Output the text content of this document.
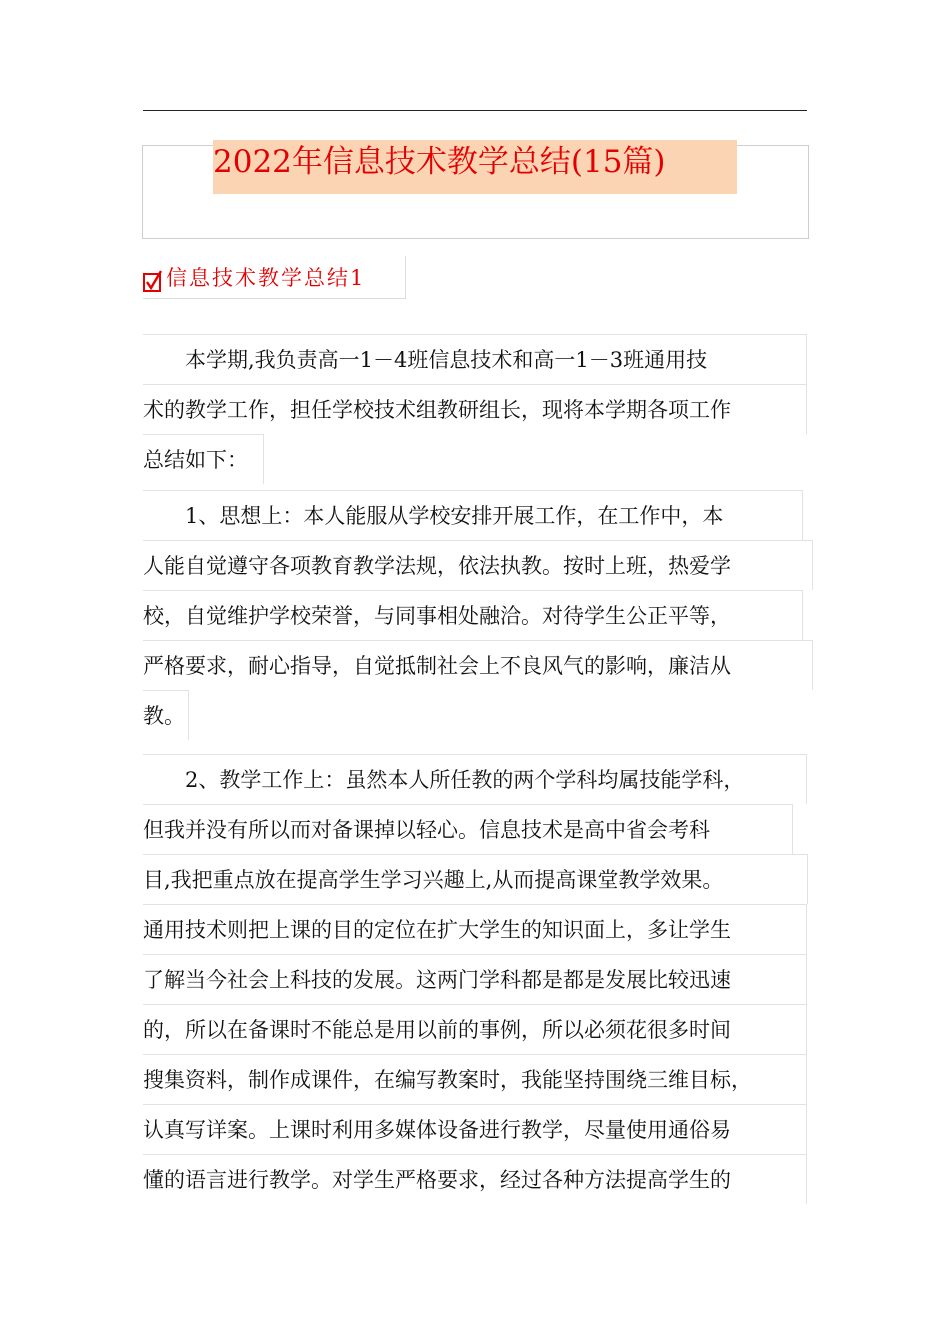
2022年信息技术教学总结(15篇)
信息技术教学总结1
　　本学期,我负责高一1－4班信息技术和高一1－3班通用技
术的教学工作，担任学校技术组教研组长，现将本学期各项工作
总结如下：
　　1、思想上：本人能服从学校安排开展工作，在工作中，本
人能自觉遵守各项教育教学法规，依法执教。按时上班，热爱学
校，自觉维护学校荣誉，与同事相处融洽。对待学生公正平等，
严格要求，耐心指导，自觉抵制社会上不良风气的影响，廉洁从
教。
　　2、教学工作上：虽然本人所任教的两个学科均属技能学科，
但我并没有所以而对备课掉以轻心。信息技术是高中省会考科
目,我把重点放在提高学生学习兴趣上,从而提高课堂教学效果。
通用技术则把上课的目的定位在扩大学生的知识面上，多让学生
了解当今社会上科技的发展。这两门学科都是都是发展比较迅速
的，所以在备课时不能总是用以前的事例，所以必须花很多时间
搜集资料，制作成课件，在编写教案时，我能坚持围绕三维目标，
认真写详案。上课时利用多媒体设备进行教学，尽量使用通俗易
懂的语言进行教学。对学生严格要求，经过各种方法提高学生的
